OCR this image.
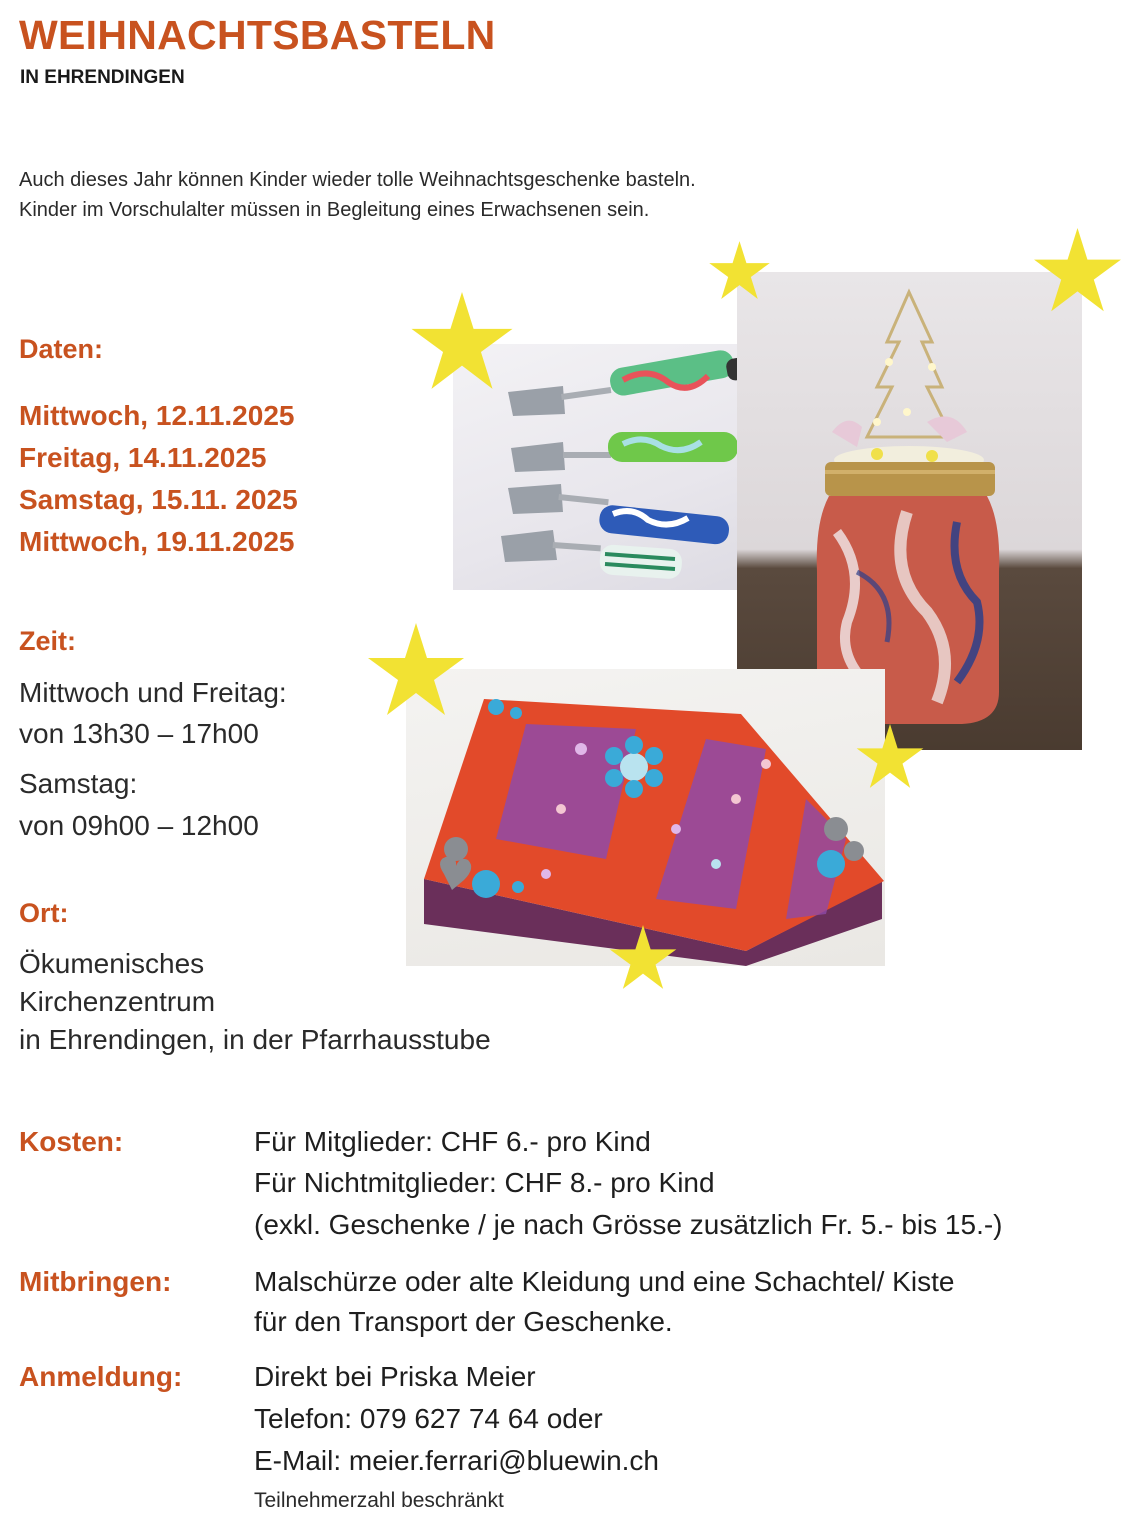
WEIHNACHTSBASTELN
IN EHRENDINGEN
Auch dieses Jahr können Kinder wieder tolle Weihnachtsgeschenke basteln.
Kinder im Vorschulalter müssen in Begleitung eines Erwachsenen sein.
Daten:
Mittwoch, 12.11.2025
Freitag, 14.11.2025
Samstag, 15.11. 2025
Mittwoch, 19.11.2025
Zeit:
Mittwoch und Freitag:
von 13h30 – 17h00
Samstag:
von 09h00 – 12h00
Ort:
Ökumenisches
Kirchenzentrum
in Ehrendingen, in der Pfarrhausstube
Kosten:	Für Mitglieder: CHF 6.- pro Kind
Für Nichtmitglieder: CHF 8.- pro Kind
(exkl. Geschenke / je nach Grösse zusätzlich Fr. 5.- bis 15.-)
Mitbringen:	Malschürze oder alte Kleidung und eine Schachtel/ Kiste
für den Transport der Geschenke.
Anmeldung:	Direkt bei Priska Meier
Telefon: 079 627 74 64 oder
E-Mail: meier.ferrari@bluewin.ch
Teilnehmerzahl beschränkt
